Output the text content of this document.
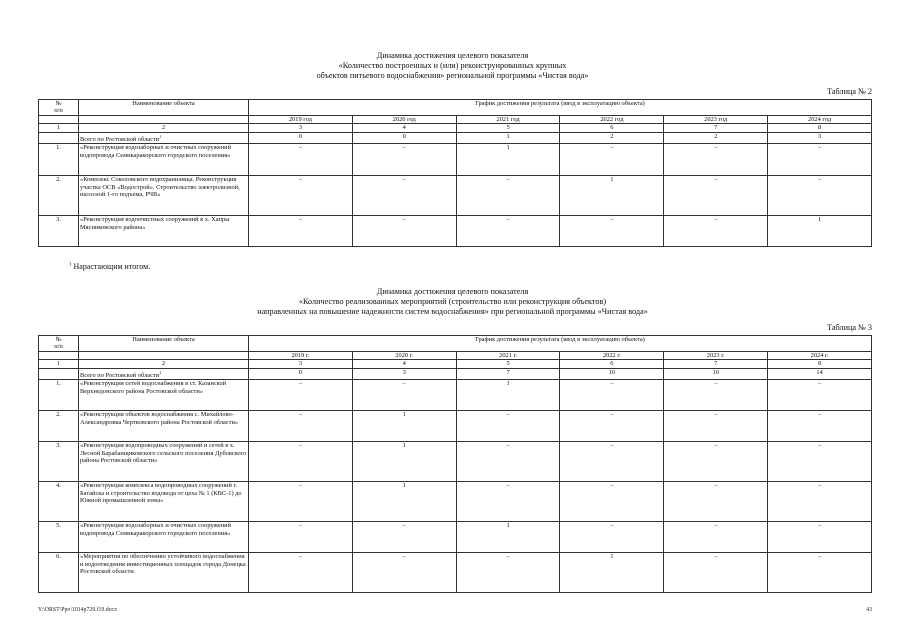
Динамика достижения целевого показателя
«Количество построенных и (или) реконструированных крупных
объектов питьевого водоснабжения» региональной программы «Чистая вода»
Таблица № 2
№
п/п	Наименование объекта	График достижения результата (ввод в эксплуатацию объекта)					
		2019 год	2020 год	2021 год	2022 год	2023 год	2024 год
1	2	3	4	5	6	7	8
	Всего по Ростовской области$^1$	0	0	1	2	2	3
1.	«Реконструкция водозаборных и очистных сооружений водопровода Семикаракорского городского поселения»	–	–	1	–	–	–
2.	«Комплекс Соколовского водохранилища. Реконструкция участка ОСВ «Водострой». Строительство электролизной, насосной 1-го подъема, РЧВ»	–	–	–	1	–	–
3.	«Реконструкция водоочистных сооружений в х. Хапры Мясниковского района»	–	–	–	–	–	1
$^1$ Нарастающим итогом.
Динамика достижения целевого показателя
«Количество реализованных мероприятий (строительство или реконструкция объектов)
направленных на повышение надежности систем водоснабжения» при региональной программы «Чистая вода»
Таблица № 3
№
п/п	Наименование объекта	График достижения результата (ввод в эксплуатацию объекта)					
		2019 г.	2020 г.	2021 г.	2022 г.	2023 г.	2024 г.
1	2	3	4	5	6	7	8
	Всего по Ростовской области$^1$	0	3	7	10	10	14
1.	«Реконструкция сетей водоснабжения в ст. Казанской Верхнедонского района Ростовской области»	–	–	1	–	–	–
2.	«Реконструкция объектов водоснабжения с. Михайлово-Александровка Чертковского района Ростовской области»	–	1	–	–	–	–
3.	«Реконструкция водопроводных сооружений и сетей в х. Лесной Барабанщиковского сельского поселения Дубовского района Ростовской области»	–	1	–	–	–	–
4.	«Реконструкция комплекса водопроводных сооружений г. Батайска и строительство водовода от цеха № 1 (КВС-1) до Южной промышленной зоны»	–	1	–	–	–	–
5.	«Реконструкция водозаборных и очистных сооружений водопровода Семикаракорского городского поселения»	–	–	1	–	–	–
6.	«Мероприятия по обеспечению устойчивого водоснабжения и водоотведения инвестиционных площадок города Донецка Ростовской области.	–	–	–	1	–	–
Y:\ORST\Ppo\1014p729.f19.docx	43
